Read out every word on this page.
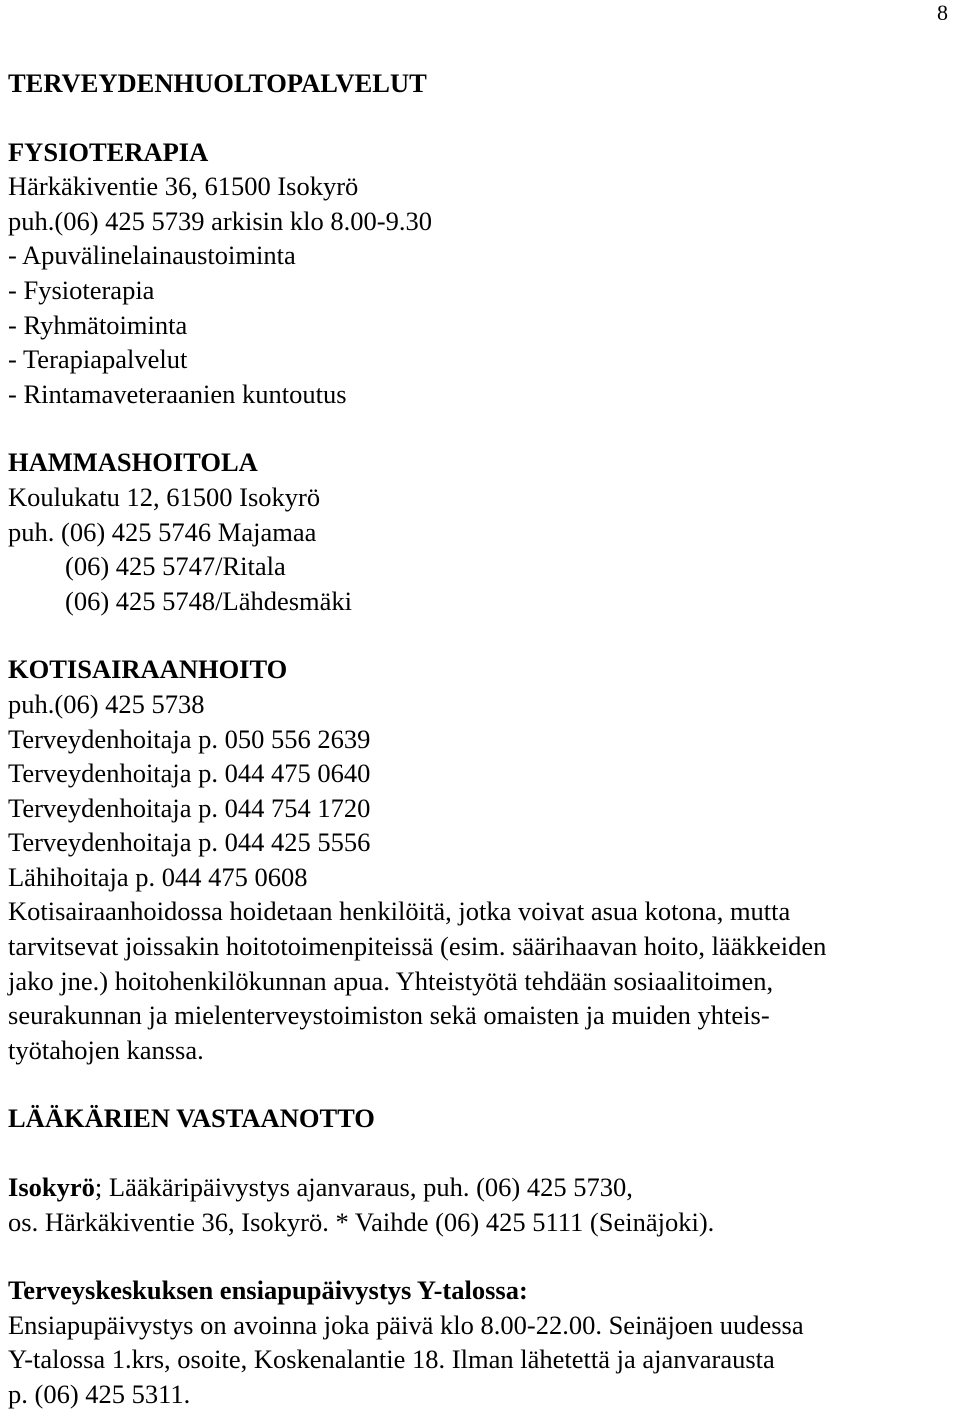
8
TERVEYDENHUOLTOPALVELUT
FYSIOTERAPIA
Härkäkiventie 36, 61500 Isokyrö
puh.(06) 425 5739 arkisin klo 8.00-9.30
- Apuvälinelainaustoiminta
- Fysioterapia
- Ryhmätoiminta
- Terapiapalvelut
- Rintamaveteraanien kuntoutus
HAMMASHOITOLA
Koulukatu 12, 61500 Isokyrö
puh. (06) 425 5746 Majamaa
(06) 425 5747/Ritala
(06) 425 5748/Lähdesmäki
KOTISAIRAANHOITO
puh.(06) 425 5738
Terveydenhoitaja p. 050 556 2639
Terveydenhoitaja p. 044 475 0640
Terveydenhoitaja p. 044 754 1720
Terveydenhoitaja p. 044 425 5556
Lähihoitaja p. 044 475 0608
Kotisairaanhoidossa hoidetaan henkilöitä, jotka voivat asua kotona, mutta
tarvitsevat joissakin hoitotoimenpiteissä (esim. säärihaavan hoito, lääkkeiden
jako jne.) hoitohenkilökunnan apua. Yhteistyötä tehdään sosiaalitoimen,
seurakunnan ja mielenterveystoimiston sekä omaisten ja muiden yhteis-
työtahojen kanssa.
LÄÄKÄRIEN VASTAANOTTO
Isokyrö; Lääkäripäivystys ajanvaraus, puh. (06) 425 5730,
os. Härkäkiventie 36, Isokyrö. * Vaihde (06) 425 5111 (Seinäjoki).
Terveyskeskuksen ensiapupäivystys Y-talossa:
Ensiapupäivystys on avoinna joka päivä klo 8.00-22.00. Seinäjoen uudessa
Y-talossa 1.krs, osoite, Koskenalantie 18. Ilman lähetettä ja ajanvarausta
p. (06) 425 5311.
